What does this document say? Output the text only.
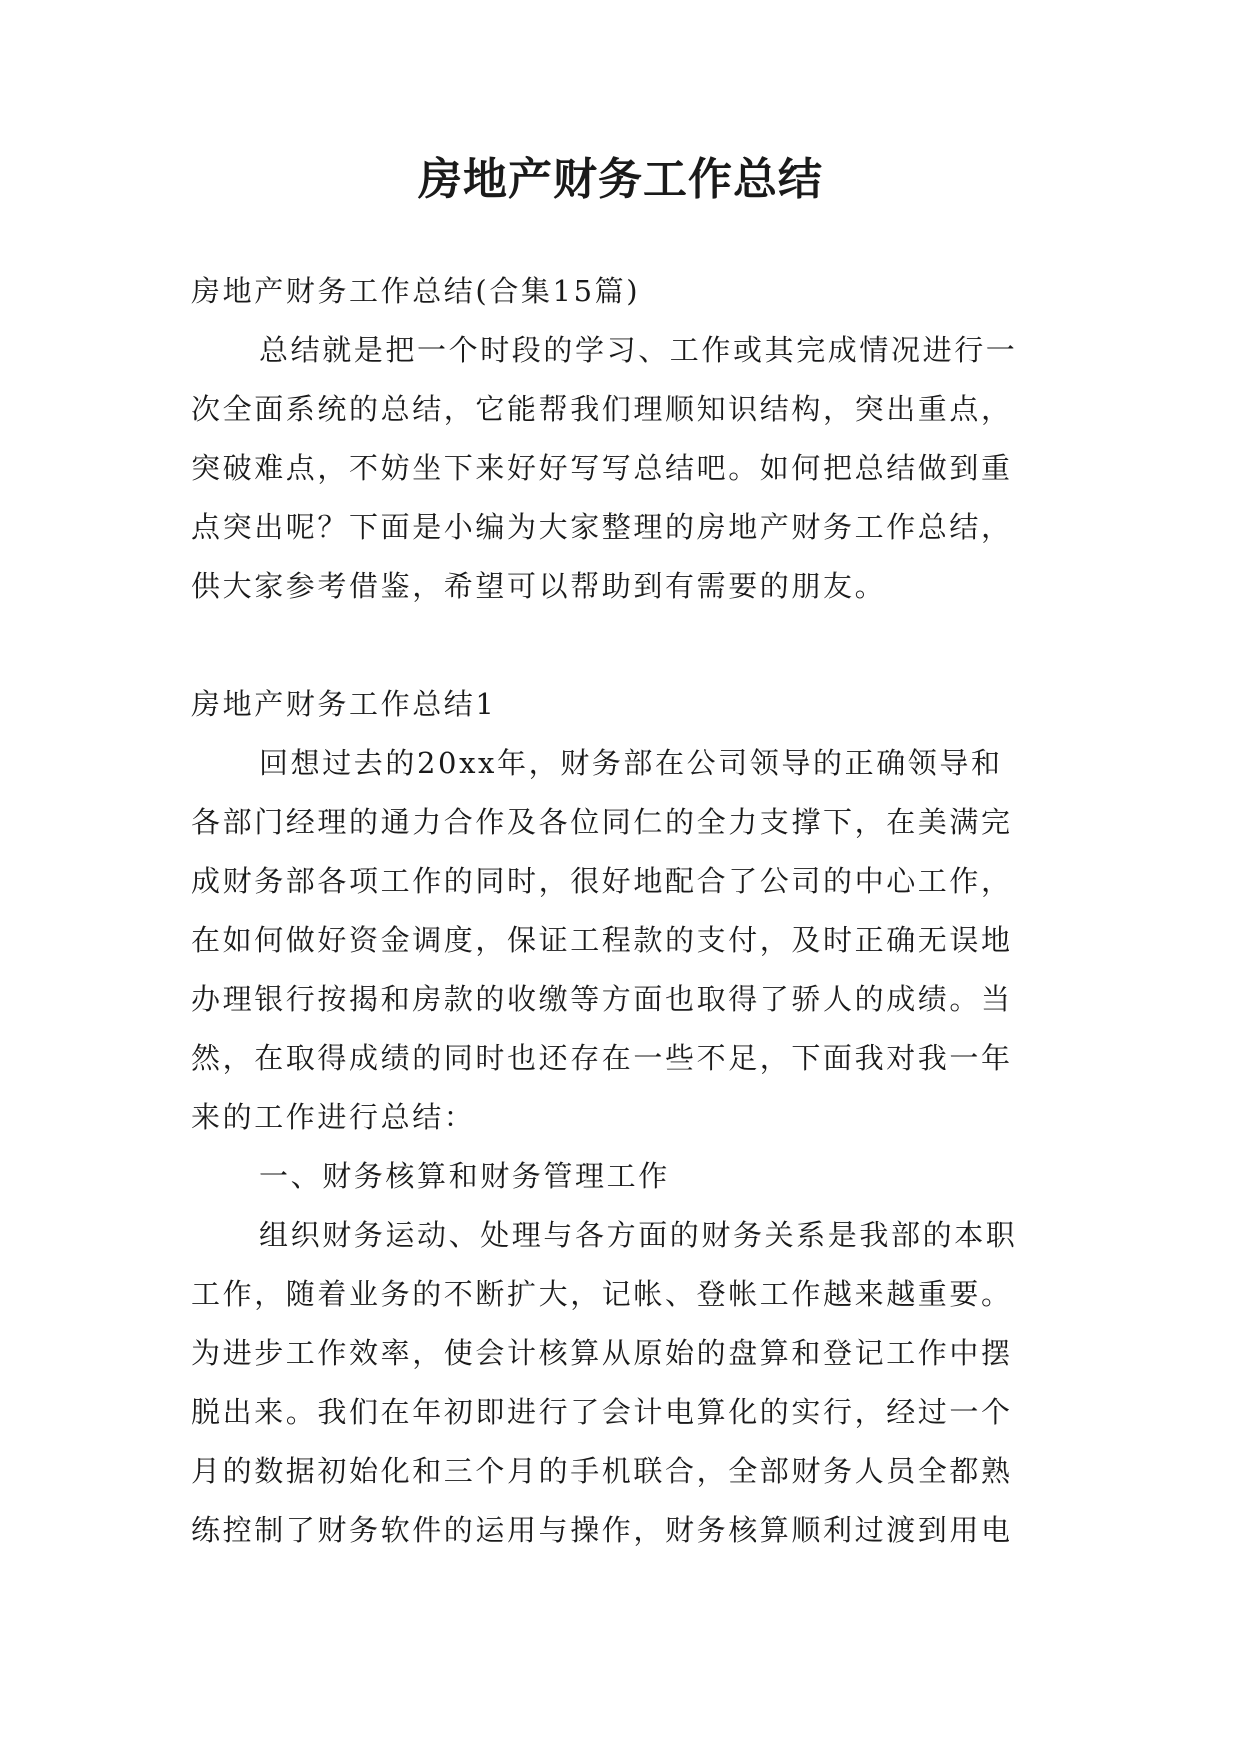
房地产财务工作总结
房地产财务工作总结(合集15篇)
总结就是把一个时段的学习、工作或其完成情况进行一
次全面系统的总结，它能帮我们理顺知识结构，突出重点，
突破难点，不妨坐下来好好写写总结吧。如何把总结做到重
点突出呢？下面是小编为大家整理的房地产财务工作总结，
供大家参考借鉴，希望可以帮助到有需要的朋友。
房地产财务工作总结1
回想过去的20xx年，财务部在公司领导的正确领导和
各部门经理的通力合作及各位同仁的全力支撑下，在美满完
成财务部各项工作的同时，很好地配合了公司的中心工作，
在如何做好资金调度，保证工程款的支付，及时正确无误地
办理银行按揭和房款的收缴等方面也取得了骄人的成绩。当
然，在取得成绩的同时也还存在一些不足，下面我对我一年
来的工作进行总结：
一、财务核算和财务管理工作
组织财务运动、处理与各方面的财务关系是我部的本职
工作，随着业务的不断扩大，记帐、登帐工作越来越重要。
为进步工作效率，使会计核算从原始的盘算和登记工作中摆
脱出来。我们在年初即进行了会计电算化的实行，经过一个
月的数据初始化和三个月的手机联合，全部财务人员全都熟
练控制了财务软件的运用与操作，财务核算顺利过渡到用电
